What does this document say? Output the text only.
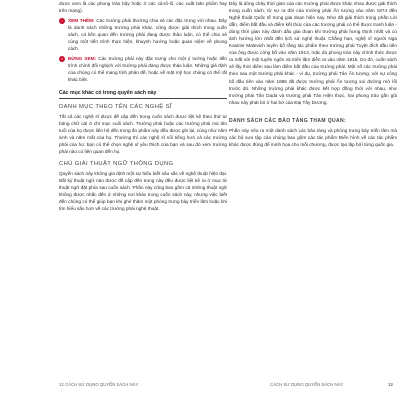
được xem là các phong trào bậy hoặc ở các cá-tô-lô, các xuất bản phẩm hay trên mạng).

›	XEM THÊM: Các trường phái thường chia sẻ các đặc trưng với nhau. Đây là danh sách những trường phái khác, cũng được giải thích trong cuốn sách, có liên quan đến trường phái đang được thảo luận, có thể chia sẻ cùng một tiến trình thực hiện, khuynh hướng hoặc quan niệm về phong cách.

×	ĐỪNG XEM: Các trường phái này đặc trưng cho một ý tưởng hoặc tiến trình chính đối nghịch với trường phái đang được thảo luận. Những giá định của chúng có thể mang tính phản đề, hoặc về mặt mỹ học chúng có thể rất khác biệt.

Các mục khác có trong quyển sách này
DANH MỤC THEO TÊN CÁC NGHỆ SĨ

Tất cả các nghệ sĩ được đề cập đến trong cuốn sách được liệt kê theo thứ tự bảng chữ cái ở chỉ mục cuối sách. Trường phái hoặc các trường phái mà tên tuổi của họ được liên hệ đến trong ấn phẩm này đều được ghi lại, cùng như năm sinh và năm mất của họ. Thường thì các nghệ sĩ nổi tiếng hơn cả các trường phái của họ: bạn có thể chọn nghệ sĩ yêu thích của bạn và sau đó xem trường phái nào có liên quan đến họ.

CHÚ GIẢI THUẬT NGỮ THÔNG DỤNG

Quyển sách này không gia định một sự hiểu biết sâu sắc về nghệ thuật hiện đại. Bất kỳ thuật ngữ nào được đề cập đến trong này đều được liệt kê ra ở mục từ thuật ngữ đặt phía sau cuốn sách. Phần này cũng bao gồm cả những thuật ngữ không được nhắc đến ở những nơi khác trong cuốn sách này, nhưng việc biết đến chúng có thể giúp bạn khi ghé thăm một phòng trưng bày triển lãm hoặc khi tìm hiểu sâu hơn về các trường phái nghệ thuật.

12 CÁCH SỬ DỤNG QUYỂN SÁCH NÀY

Đây là dòng chảy thời gian của các trường phái được khác nhau được giải thích trong cuốn sách, từ sự ra đời của trường phái Ấn tượng vào năm 1874 đến Nghệ thuật Quốc tế trong giai đoạn hiện nay. Như đã giải thích trong phần Lời dẫn, điểm bắt đầu và điểm kết thúc của các trường phái có thể được tranh luận - dòng thời gian này đánh dấu giai đoạn khi trường phái hưng thịnh nhất và có ảnh hưởng lớn nhất đến lịch sử nghệ thuật. Chẳng hạn, nghệ sĩ người Nga Kasimir Malevich tuyên bố rằng tác phẩm theo trường phái Tuyệt đích đầu tiên của ông được công bố vào năm 1913, mặc dù phong trào này chính thức được ra mắt với một tuyên ngôn và triển lãm diễn ra vào năm 1915. Do đó, cuốn sách sẽ lấy thời điểm sau làm điểm bắt đầu của trường phái. Một số các trường phái theo sau một trường phái khác - ví dụ, trường phái Tân Ấn tượng, với sự công bố đầu tiên vào năm 1886 đã được trường phái Ấn tượng soi đường mở lối trước đó. Những trường phái khác được kết hợp đồng thời với nhau, như trường phái Tân Dada và trường phái Tân Hiện thực, hai phong trào gần gũi nhau này phát bỏ ở hai bờ của Đại Tây Dương.

DANH SÁCH CÁC BẢO TÀNG THAM QUAN:

Phần này nêu ra một danh sách các bảo tàng và phòng trưng bày triển lãm mà các bộ sưu tập của chúng bao gồm các tác phẩm Điển hình về các tác phẩm khác được đúng để minh họa cho mỗi chương, được tạo lập bởi từng quốc gia.

CÁCH SỬ DỤNG QUYỂN SÁCH NÀY	13
